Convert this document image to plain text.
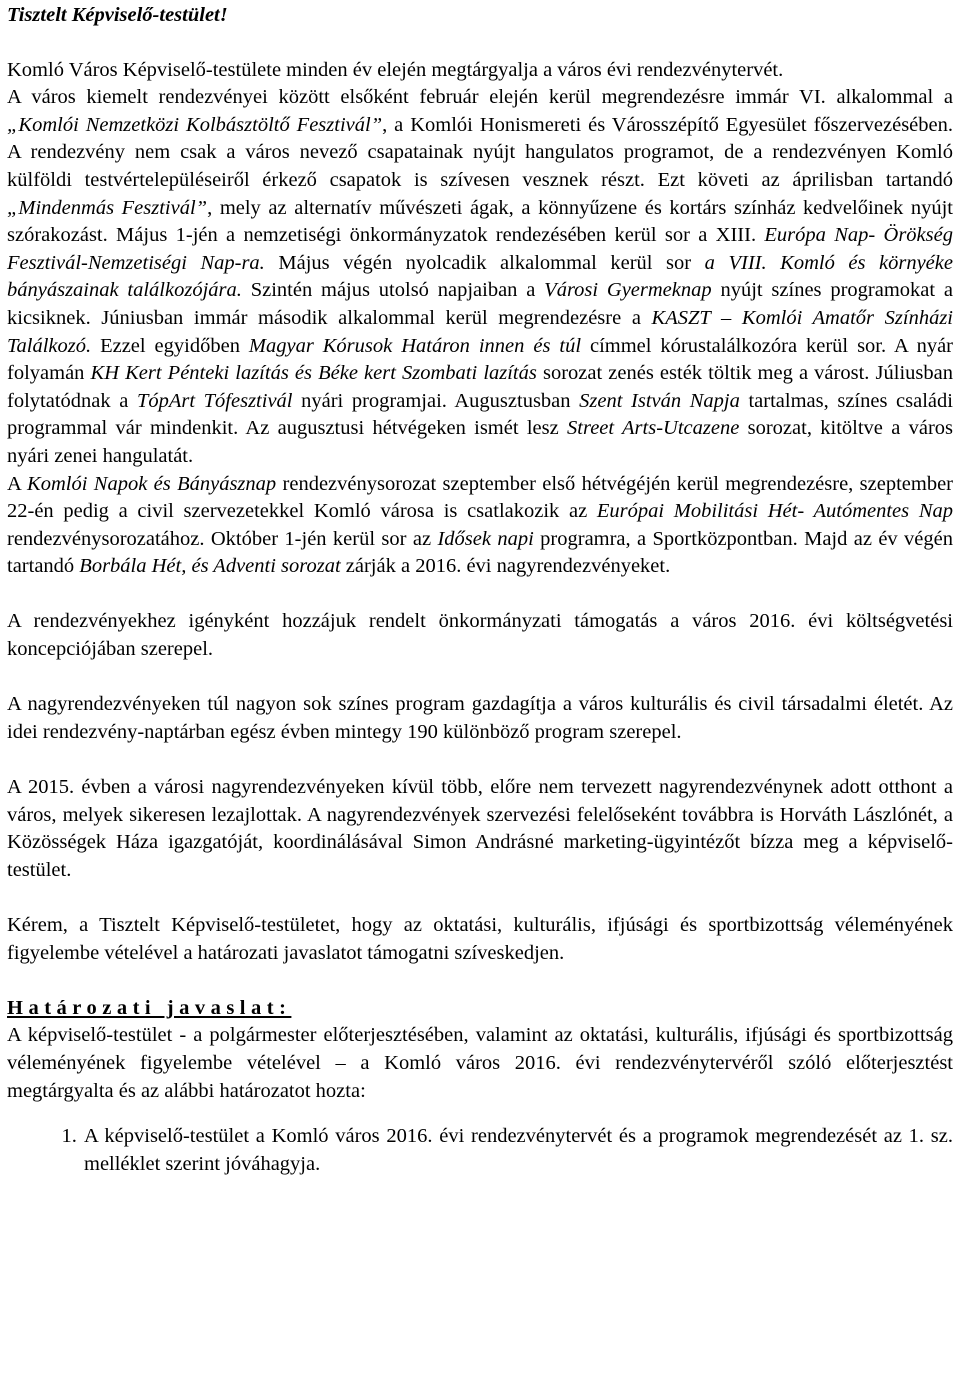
Tisztelt Képviselő-testület!

Komló Város Képviselő-testülete minden év elején megtárgyalja a város évi rendezvénytervét.

A város kiemelt rendezvényei között elsőként február elején kerül megrendezésre immár VI. alkalommal a „Komlói Nemzetközi Kolbásztöltő Fesztivál”, a Komlói Honismereti és Városszépítő Egyesület főszervezésében. A rendezvény nem csak a város nevező csapatainak nyújt hangulatos programot, de a rendezvényen Komló külföldi testvértelepüléseiről érkező csapatok is szívesen vesznek részt. Ezt követi az áprilisban tartandó „Mindenmás Fesztivál”, mely az alternatív művészeti ágak, a könnyűzene és kortárs színház kedvelőinek nyújt szórakozást. Május 1-jén a nemzetiségi önkormányzatok rendezésében kerül sor a XIII. Európa Nap- Örökség Fesztivál-Nemzetiségi Nap-ra. Május végén nyolcadik alkalommal kerül sor a VIII. Komló és környéke bányászainak találkozójára. Szintén május utolsó napjaiban a Városi Gyermeknap nyújt színes programokat a kicsiknek. Júniusban immár második alkalommal kerül megrendezésre a KASZT – Komlói Amatőr Színházi Találkozó. Ezzel egyidőben Magyar Kórusok Határon innen és túl címmel kórustalálkozóra kerül sor. A nyár folyamán KH Kert Pénteki lazítás és Béke kert Szombati lazítás sorozat zenés esték töltik meg a várost. Júliusban folytatódnak a TópArt Tófesztivál nyári programjai. Augusztusban Szent István Napja tartalmas, színes családi programmal vár mindenkit. Az augusztusi hétvégeken ismét lesz Street Arts-Utcazene sorozat, kitöltve a város nyári zenei hangulatát.

A Komlói Napok és Bányásznap rendezvénysorozat szeptember első hétvégéjén kerül megrendezésre, szeptember 22-én pedig a civil szervezetekkel Komló városa is csatlakozik az Európai Mobilitási Hét- Autómentes Nap rendezvénysorozatához. Október 1-jén kerül sor az Idősek napi programra, a Sportközpontban. Majd az év végén tartandó Borbála Hét, és Adventi sorozat zárják a 2016. évi nagyrendezvényeket.

A rendezvényekhez igényként hozzájuk rendelt önkormányzati támogatás a város 2016. évi költségvetési koncepciójában szerepel.

A nagyrendezvényeken túl nagyon sok színes program gazdagítja a város kulturális és civil társadalmi életét. Az idei rendezvény-naptárban egész évben mintegy 190 különböző program szerepel.

A 2015. évben a városi nagyrendezvényeken kívül több, előre nem tervezett nagyrendezvénynek adott otthont a város, melyek sikeresen lezajlottak. A nagyrendezvények szervezési felelőseként továbbra is Horváth Lászlónét, a Közösségek Háza igazgatóját, koordinálásával Simon Andrásné marketing-ügyintézőt bízza meg a képviselő-testület.

Kérem, a Tisztelt Képviselő-testületet, hogy az oktatási, kulturális, ifjúsági és sportbizottság véleményének figyelembe vételével a határozati javaslatot támogatni szíveskedjen.

Határozati javaslat:

A képviselő-testület - a polgármester előterjesztésében, valamint az oktatási, kulturális, ifjúsági és sportbizottság véleményének figyelembe vételével – a Komló város 2016. évi rendezvénytervéről szóló előterjesztést megtárgyalta és az alábbi határozatot hozta:

1. A képviselő-testület a Komló város 2016. évi rendezvénytervét és a programok megrendezését az 1. sz. melléklet szerint jóváhagyja.
